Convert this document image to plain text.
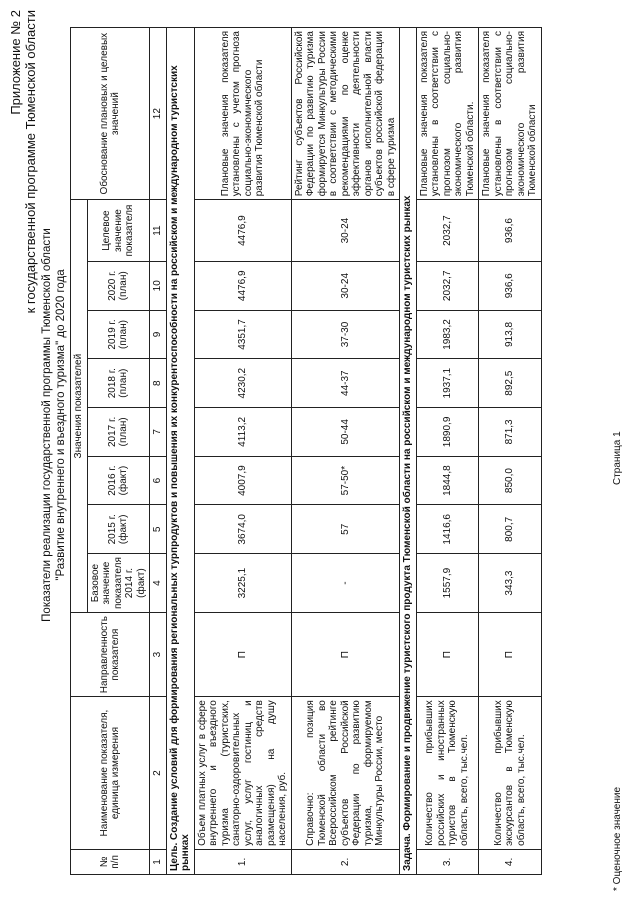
Приложение № 2 к государственной программе Тюменской области
Показатели реализации государственной программы Тюменской области "Развитие внутреннего и въездного туризма" до 2020 года
№ п/п	Наименование показателя, единица измерения	Направленность показателя	Значения показателей								Обоснование плановых и целевых значений
			Базовое значение показателя 2014 г. (факт)	2015 г. (факт)	2016 г. (факт)	2017 г. (план)	2018 г. (план)	2019 г. (план)	2020 г. (план)	Целевое значение показателя	
1	2	3	4	5	6	7	8	9	10	11	12
Цель. Создание условий для формирования региональных турпродуктов и повышения их конкурентоспособности на российском и международном туристских рынках											
1.	Объем платных услуг в сфере внутреннего и въездного туризма (туристских, санаторно-оздоровительных услуг, услуг гостиниц и аналогичных средств размещения) на душу населения, руб.	П	3225,1	3674,0	4007,9	4113,2	4230,2	4351,7	4476,9	4476,9	Плановые значения показателя установлены с учетом прогноза социально-экономического развития Тюменской области
2.	Справочно: позиция Тюменской области во Всероссийском рейтинге субъектов Российской Федерации по развитию туризма, формируемом Минкультуры России, место	П	-	57	57-50*	50-44	44-37	37-30	30-24	30-24	Рейтинг субъектов Российской Федерации по развитию туризма формируется Минкультуры России в соответствии с методическими рекомендациями по оценке эффективности деятельности органов исполнительной власти субъектов российской федерации в сфере туризма
Задача. Формирование и продвижение туристского продукта Тюменской области на российском и международном туристских рынках											
3.	Количество прибывших российских и иностранных туристов в Тюменскую область, всего, тыс.чел.	П	1557,9	1416,6	1844,8	1890,9	1937,1	1983,2	2032,7	2032,7	Плановые значения показателя установлены в соответствии с прогнозом социально-экономического развития Тюменской области.
4.	Количество прибывших экскурсантов в Тюменскую область, всего, тыс.чел.	П	343,3	800,7	850,0	871,3	892,5	913,8	936,6	936,6	Плановые значения показателя установлены в соответствии с прогнозом социально-экономического развития Тюменской области
* Оценочное значение
Страница 1
